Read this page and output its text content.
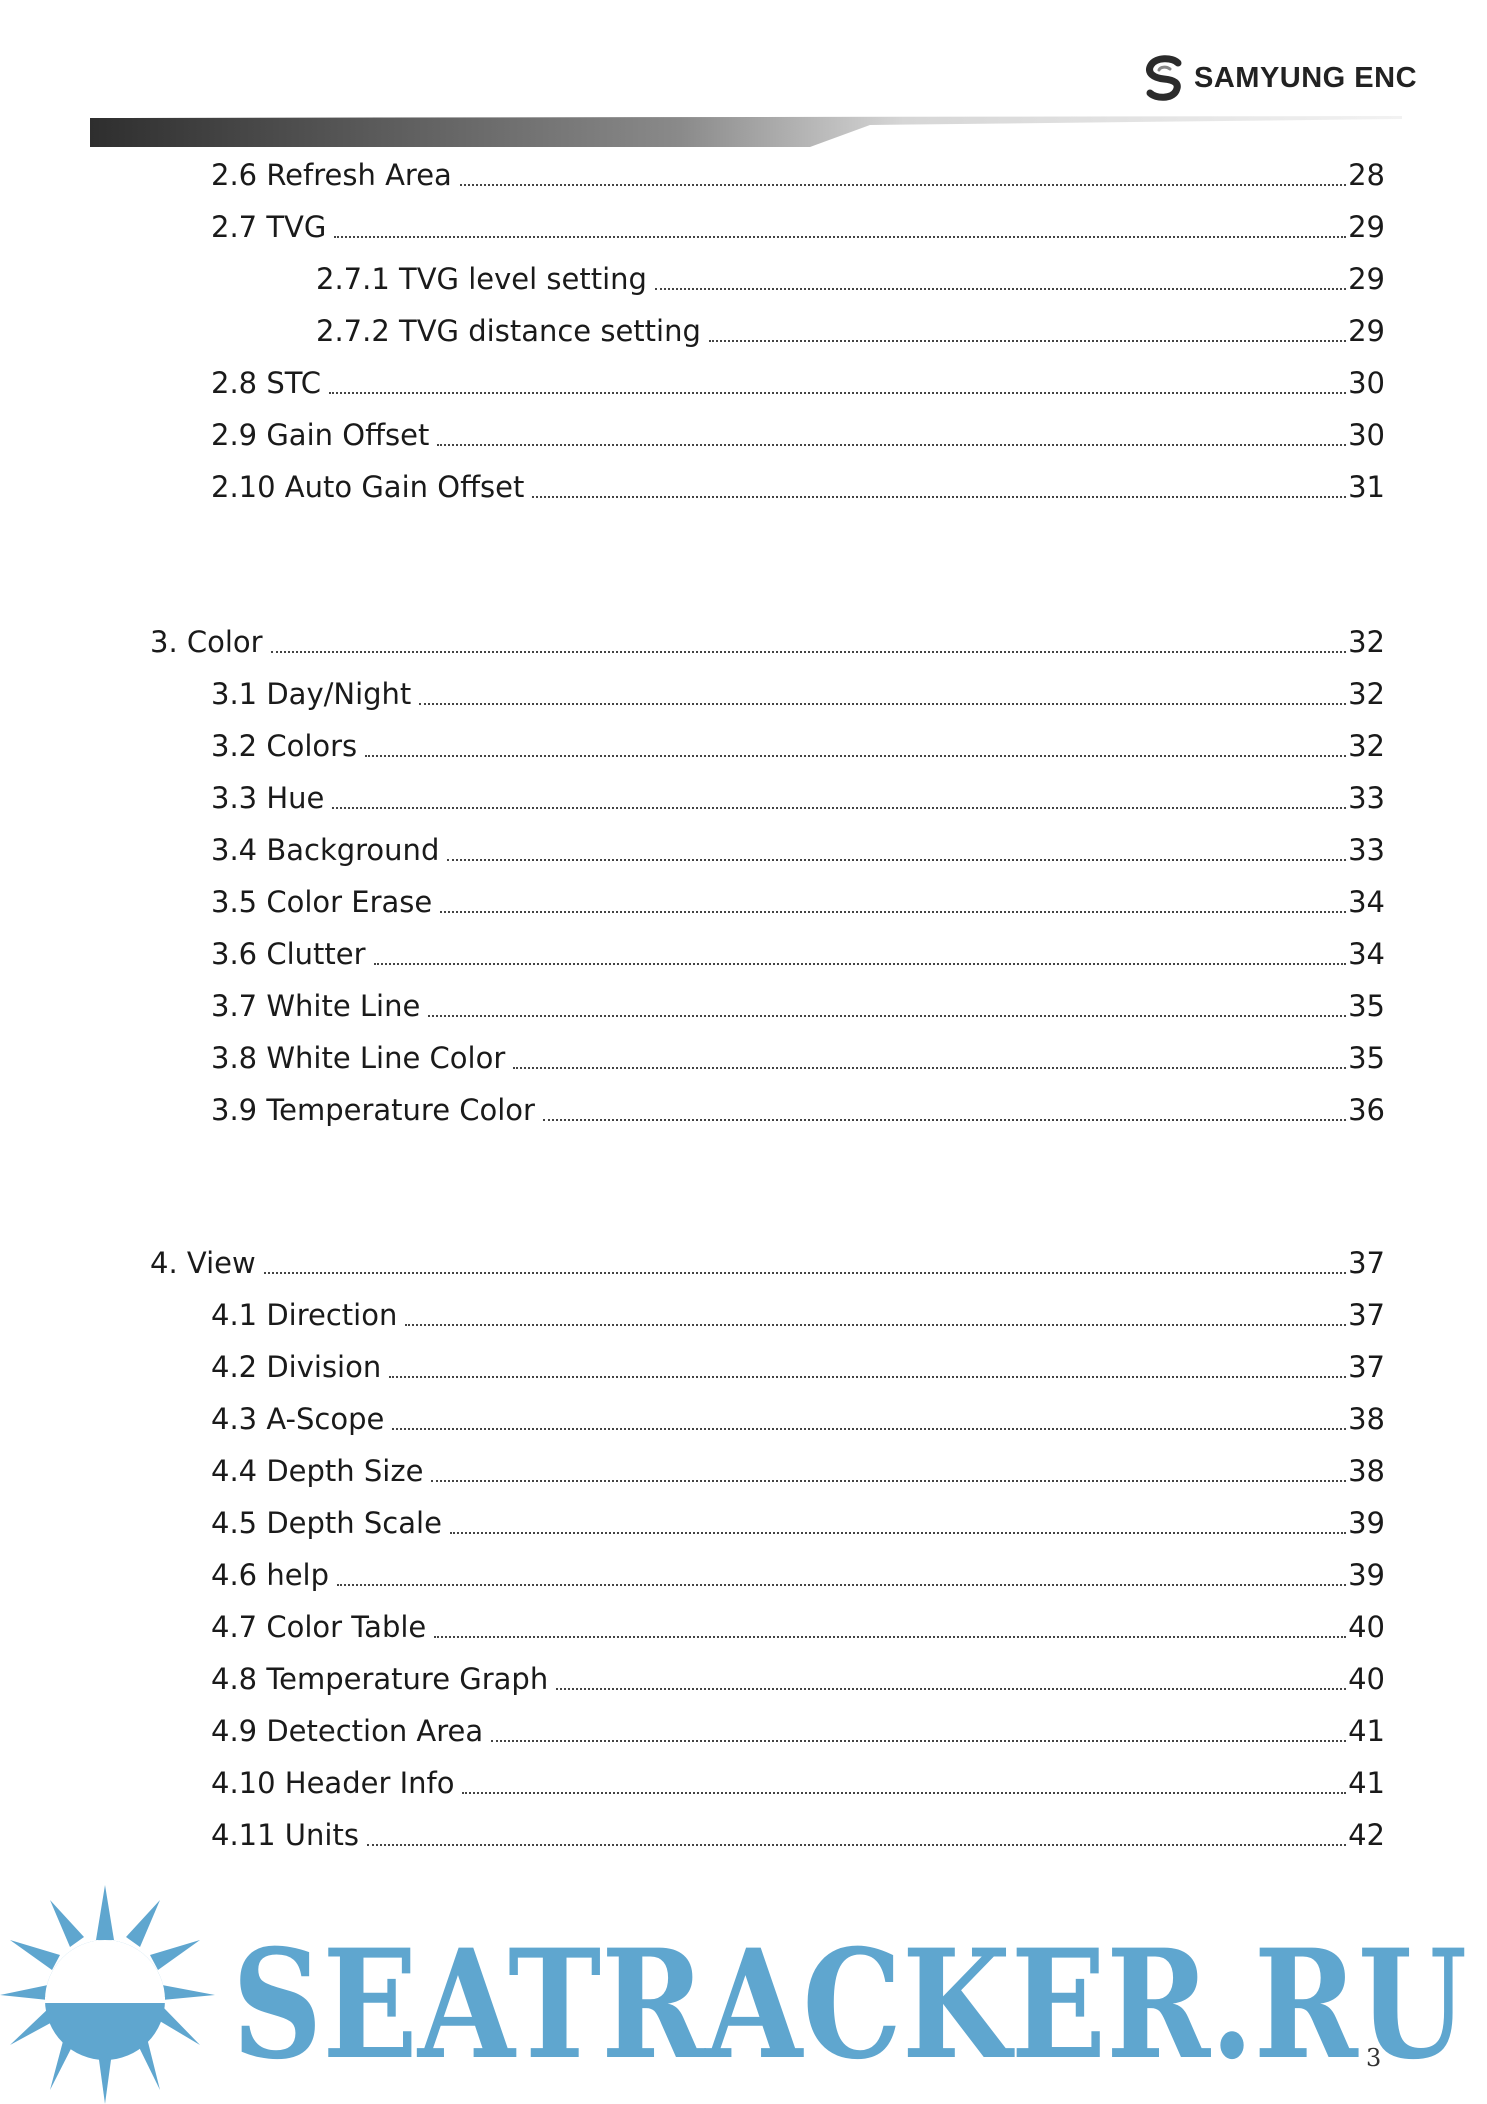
SAMYUNG ENC
2.6 Refresh Area	28
2.7 TVG	29
2.7.1 TVG level setting	29
2.7.2 TVG distance setting	29
2.8 STC	30
2.9 Gain Offset	30
2.10 Auto Gain Offset	31
3. Color	32
3.1 Day/Night	32
3.2 Colors	32
3.3 Hue	33
3.4 Background	33
3.5 Color Erase	34
3.6 Clutter	34
3.7 White Line	35
3.8 White Line Color	35
3.9 Temperature Color	36
4. View	37
4.1 Direction	37
4.2 Division	37
4.3 A-Scope	38
4.4 Depth Size	38
4.5 Depth Scale	39
4.6 help	39
4.7 Color Table	40
4.8 Temperature Graph	40
4.9 Detection Area	41
4.10 Header Info	41
4.11 Units	42
SEATRACKER.RU
3
